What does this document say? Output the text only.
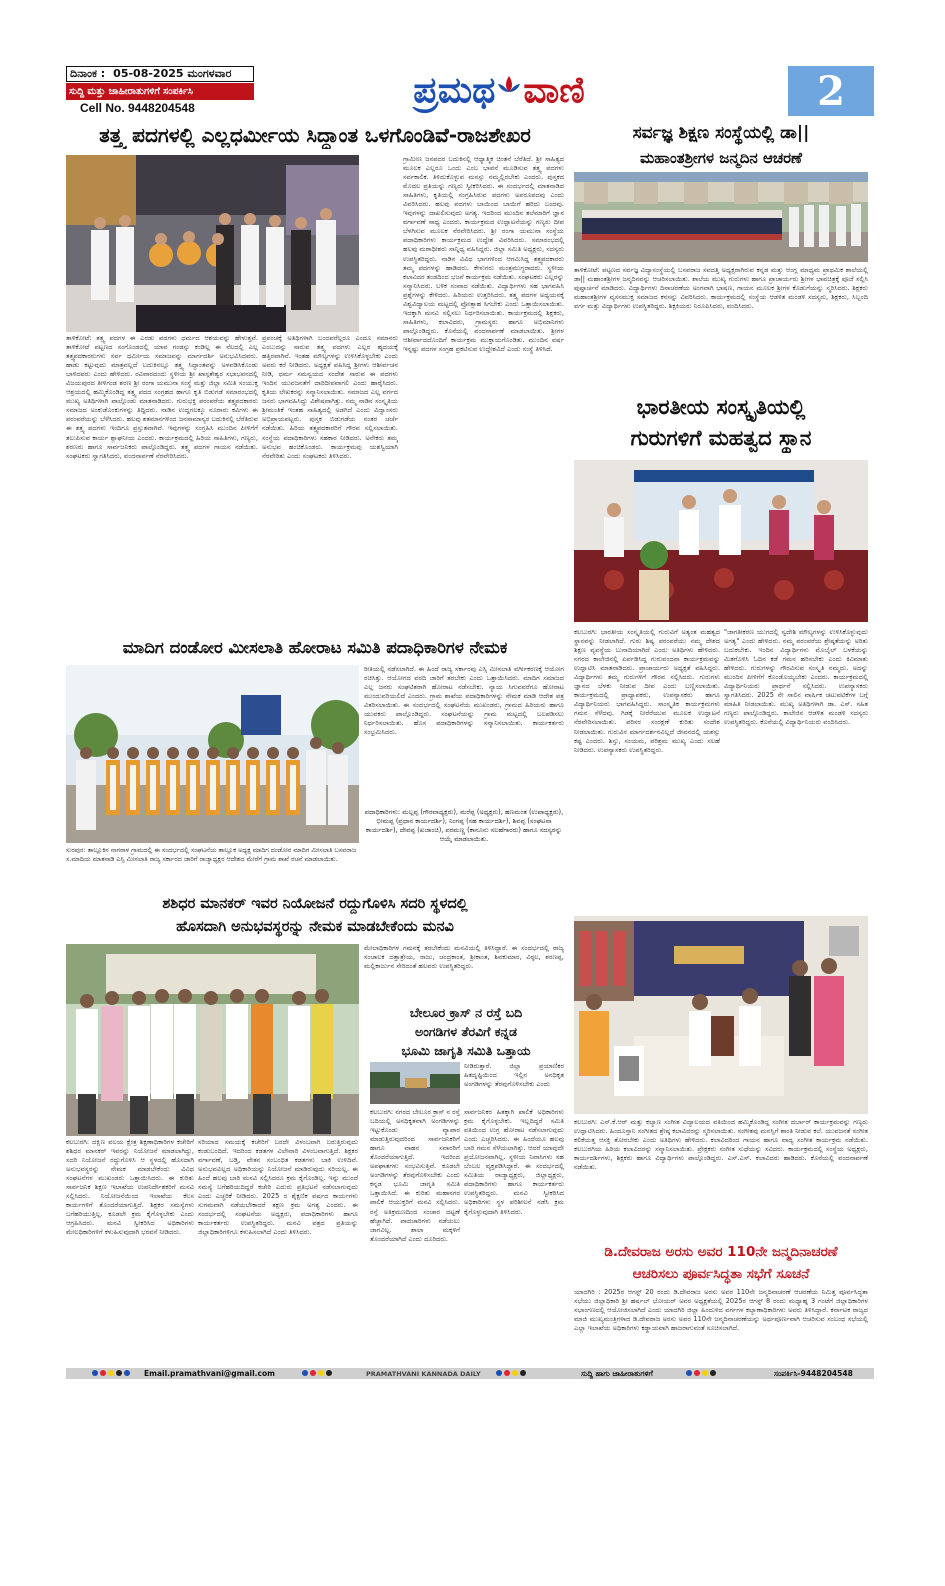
ದಿನಾಂಕ : 05-08-2025 ಮಂಗಳವಾರ
ಸುದ್ದಿ ಮತ್ತು ಜಾಹೀರಾತುಗಳಿಗೆ ಸಂಪರ್ಕಿಸಿ
Cell No. 9448204548	ಪ್ರಮಥ ವಾಣಿ	2
ತತ್ತ್ವ ಪದಗಳಲ್ಲಿ ಎಲ್ಲಧರ್ಮೀಯ ಸಿದ್ಧಾಂತ ಒಳಗೊಂಡಿವೆ-ರಾಜಶೇಖರ
ತಾಳಿಕೋಟೆ: ತತ್ತ್ವ ಪದಗಳ ಈ ಎರಡು ಪದಗಳು ಧರ್ಮದ ಆಶಯವನ್ನು ಹೇಳುತ್ತವೆ. ತಾಳಿಕೋಟೆ ಪಟ್ಟಣದ ಸಂಗೊಂಡದಲ್ಲಿ ಯಾವ ಗಂಡಸ್ಸು ಕಂಡಿಲ್ಲ ಈ ನೆಲದಲ್ಲಿ ಎಲ್ಲ ತತ್ತ್ವಪದಕಾರರುಗಳು ಸರ್ವ ಧರ್ಮೀಯ ಸಮಾಜವನ್ನು ಮಾರ್ಗದರ್ಶಿ ಅನುಭವಿಸಿದವರು. ಹಾಡು ಕಟ್ಟುವುದು ಮಾತ್ರವಲ್ಲದೆ ಬದುಕಿನಲ್ಲೂ ತತ್ತ್ವ ಸಿದ್ಧಾಂತವನ್ನು ಅಳವಡಿಸಿಕೊಂಡು ಬಾಳಿದವರು ಎಂದು ಹೇಳಿದರು. ರವಿವಾರದಂದು ಸ್ಥಳೀಯ ಶ್ರೀ ಖಾಸ್ಗತೇಶ್ವರ ಸಭಾಭವನದಲ್ಲಿ ವಿಜಯಪುರದ ತೀಳಿಗಂಡ ಶರಣ ಶ್ರೀ ರಂಗಾ ಯಮುನಾ ಸಂಸ್ಥೆ ಮತ್ತು ಜಿಲ್ಲಾ ಸಮಿತಿ ಸಂಯುಕ್ತ ಆಶ್ರಯದಲ್ಲಿ ಹಮ್ಮಿಕೊಂಡಿದ್ದ ತತ್ತ್ವ ಪದದ ಸಂಗ್ರಹದ ಹಾಗೂ ಕೃತಿ ಬಿಡುಗಡೆ ಸಮಾರಂಭದಲ್ಲಿ ಮುಖ್ಯ ಅತಿಥಿಗಳಾಗಿ ಪಾಲ್ಗೊಂಡು ಮಾತನಾಡಿದರು. ಗುರುಭಕ್ತಿ ಪರಂಪರೆಯ ತತ್ತ್ವಪದಕಾರರು ಸಮಾಜದ ಅಂಕುಡೊಂಕುಗಳನ್ನು ತಿದ್ದಿದರು. ನಾಡಿನ ಉದ್ದಗಲಕ್ಕೂ ನೂರಾರು ಕವಿಗಳು ಈ ಪರಂಪರೆಯನ್ನು ಬೆಳೆಸಿದರು. ಹಲವು ಶತಮಾನಗಳಿಂದ ಜನಸಾಮಾನ್ಯರ ಬದುಕಿನಲ್ಲಿ ಬೆರೆತಿರುವ ಈ ತತ್ತ್ವ ಪದಗಳು ಇಂದಿಗೂ ಪ್ರಸ್ತುತವಾಗಿವೆ. ಇವುಗಳನ್ನು ಸಂಗ್ರಹಿಸಿ ಮುಂದಿನ ಪೀಳಿಗೆಗೆ ತಲುಪಿಸುವ ಕಾರ್ಯ ಶ್ಲಾಘನೀಯ ಎಂದರು. ಕಾರ್ಯಕ್ರಮದಲ್ಲಿ ಹಿರಿಯ ಸಾಹಿತಿಗಳು, ಗಣ್ಯರು, ಶರಣರು ಹಾಗೂ ಸಾರ್ವಜನಿಕರು ಪಾಲ್ಗೊಂಡಿದ್ದರು. ತತ್ತ್ವ ಪದಗಳ ಗಾಯನ ನಡೆಯಿತು. ಸಂಘಟಕರು ಸ್ವಾಗತಿಸಿದರು, ವಂದನಾರ್ಪಣೆ ನೆರವೇರಿಸಿದರು.
ಪ್ರಪಂಚಕ್ಕೆ ಅತಿಥಿಗಳಾಗಿ ಬಂದವರೆಲ್ಲರೂ ಎಂದೂ ಸಮಾನರು ಎಂಬುದನ್ನು ಸಾರುವ ತತ್ತ್ವ ಪದಗಳು ಎಲ್ಲರ ಹೃದಯಕ್ಕೆ ಹತ್ತಿರವಾಗಿವೆ. ಇಂತಹ ಮೌಲ್ಯಗಳನ್ನು ಉಳಿಸಿಕೊಳ್ಳಬೇಕು ಎಂದು ಅವರು ಕರೆ ನೀಡಿದರು. ಅಧ್ಯಕ್ಷತೆ ವಹಿಸಿದ್ದ ಶ್ರೀಗಳು ಆಶೀರ್ವಚನ ನೀಡಿ, ಧರ್ಮ ಸಮನ್ವಯದ ಸಂದೇಶ ಸಾರುವ ಈ ಪದಗಳು ಇಂದಿನ ಯುವಜನತೆಗೆ ದಾರಿದೀಪವಾಗಲಿ ಎಂದು ಹಾರೈಸಿದರು. ಕೃತಿಯ ಲೇಖಕರನ್ನು ಸನ್ಮಾನಿಸಲಾಯಿತು. ಸಮಾಜದ ಎಲ್ಲ ವರ್ಗದ ಜನರು ಭಾಗವಹಿಸಿದ್ದು ವಿಶೇಷವಾಗಿತ್ತು. ನಮ್ಮ ನಾಡಿನ ಸಂಸ್ಕೃತಿಯ ಶ್ರೀಮಂತಿಕೆ ಇಂತಹ ಸಾಹಿತ್ಯದಲ್ಲಿ ಅಡಗಿದೆ ಎಂದು ವಿದ್ವಾಂಸರು ಅಭಿಪ್ರಾಯಪಟ್ಟರು. ಪುಸ್ತಕ ಬಿಡುಗಡೆಯ ನಂತರ ಚರ್ಚೆ ನಡೆಯಿತು. ಹಿರಿಯ ತತ್ತ್ವಪದಕಾರರಿಗೆ ಗೌರವ ಸಲ್ಲಿಸಲಾಯಿತು. ಸಂಸ್ಥೆಯ ಪದಾಧಿಕಾರಿಗಳು ಸಹಕಾರ ನೀಡಿದರು. ಅನೇಕರು ತಮ್ಮ ಅನುಭವ ಹಂಚಿಕೊಂಡರು. ಕಾರ್ಯಕ್ರಮವು ಯಶಸ್ವಿಯಾಗಿ ನೆರವೇರಿತು ಎಂದು ಸಂಘಟಕರು ತಿಳಿಸಿದರು.
ಗ್ರಾಮೀಣ ಜನಪದರ ಬದುಕಿನಲ್ಲಿ ಆಧ್ಯಾತ್ಮಿಕ ಚಿಂತನೆ ಬೆರೆತಿದೆ. ಶ್ರೀ ಸಾಹಿತ್ಯದ ಮೂಲಕ ಎಲ್ಲರೂ ಒಂದು ಎಂಬ ಭಾವನೆ ಮೂಡಿಸುವ ತತ್ತ್ವ ಪದಗಳು ಸರ್ವಕಾಲಿಕ. ತಿಳಿದುಕೊಳ್ಳುವ ಮನಸ್ಸು ನಮ್ಮಲ್ಲಿರಬೇಕು ಎಂದರು. ಪುಸ್ತಕದ ಮೊದಲ ಪ್ರತಿಯನ್ನು ಗಣ್ಯರು ಸ್ವೀಕರಿಸಿದರು. ಈ ಸಂದರ್ಭದಲ್ಲಿ ಮಾತನಾಡಿದ ಸಾಹಿತಿಗಳು, ಕೃತಿಯಲ್ಲಿ ಸಂಗ್ರಹಿಸಿರುವ ಪದಗಳು ಅಪರೂಪದವು ಎಂದು ವಿವರಿಸಿದರು. ಹಲವು ಪದಗಳು ಬಾಯಿಂದ ಬಾಯಿಗೆ ಹರಿದು ಬಂದವು. ಇವುಗಳನ್ನು ದಾಖಲಿಸುವುದು ಅಗತ್ಯ. ಇದರಿಂದ ಮುಂದಿನ ತಲೆಮಾರಿಗೆ ಜ್ಞಾನ ವರ್ಗಾವಣೆ ಸಾಧ್ಯ ಎಂದರು. ಕಾರ್ಯಕ್ರಮದ ಉದ್ಘಾಟನೆಯನ್ನು ಗಣ್ಯರು ದೀಪ ಬೆಳಗಿಸುವ ಮೂಲಕ ನೆರವೇರಿಸಿದರು. ಶ್ರೀ ರಂಗಾ ಯಮುನಾ ಸಂಸ್ಥೆಯ ಪದಾಧಿಕಾರಿಗಳು ಕಾರ್ಯಕ್ರಮದ ಉದ್ದೇಶ ವಿವರಿಸಿದರು. ಸಮಾರಂಭದಲ್ಲಿ ಹಲವು ಮಠಾಧೀಶರು ಸಾನ್ನಿಧ್ಯ ವಹಿಸಿದ್ದರು. ಜಿಲ್ಲಾ ಸಮಿತಿ ಅಧ್ಯಕ್ಷರು, ಸದಸ್ಯರು ಉಪಸ್ಥಿತರಿದ್ದರು. ನಾಡಿನ ವಿವಿಧ ಭಾಗಗಳಿಂದ ಆಗಮಿಸಿದ್ದ ತತ್ತ್ವಪದಕಾರರು ತಮ್ಮ ಪದಗಳನ್ನು ಹಾಡಿದರು. ಕೇಳುಗರು ಮಂತ್ರಮುಗ್ಧರಾದರು. ಸ್ಥಳೀಯ ಕಲಾವಿದರ ತಂಡದಿಂದ ಭಜನೆ ಕಾರ್ಯಕ್ರಮ ನಡೆಯಿತು. ಸಂಘಟಕರು ಎಲ್ಲರನ್ನು ಸನ್ಮಾನಿಸಿದರು. ಬಳಿಕ ಸಂವಾದ ನಡೆಯಿತು. ವಿದ್ಯಾರ್ಥಿಗಳು ಸಹ ಭಾಗವಹಿಸಿ ಪ್ರಶ್ನೆಗಳನ್ನು ಕೇಳಿದರು. ಹಿರಿಯರು ಉತ್ತರಿಸಿದರು. ತತ್ತ್ವ ಪದಗಳ ಅಧ್ಯಯನಕ್ಕೆ ವಿಶ್ವವಿದ್ಯಾಲಯ ಮಟ್ಟದಲ್ಲಿ ಪ್ರೋತ್ಸಾಹ ಸಿಗಬೇಕು ಎಂದು ಒತ್ತಾಯಿಸಲಾಯಿತು. ಇದಕ್ಕಾಗಿ ಮನವಿ ಸಲ್ಲಿಸಲು ನಿರ್ಧರಿಸಲಾಯಿತು. ಕಾರ್ಯಕ್ರಮದಲ್ಲಿ ಶಿಕ್ಷಕರು, ಸಾಹಿತಿಗಳು, ಕಲಾವಿದರು, ಗ್ರಾಮಸ್ಥರು ಹಾಗೂ ಅಭಿಮಾನಿಗಳು ಪಾಲ್ಗೊಂಡಿದ್ದರು. ಕೊನೆಯಲ್ಲಿ ವಂದನಾರ್ಪಣೆ ಮಾಡಲಾಯಿತು. ಶ್ರೀಗಳ ಆಶೀರ್ವಾದದೊಂದಿಗೆ ಕಾರ್ಯಕ್ರಮ ಮುಕ್ತಾಯಗೊಂಡಿತು. ಮುಂದಿನ ವರ್ಷ ಇನ್ನಷ್ಟು ಪದಗಳ ಸಂಗ್ರಹ ಪ್ರಕಟಿಸುವ ಉದ್ದೇಶವಿದೆ ಎಂದು ಸಂಸ್ಥೆ ತಿಳಿಸಿದೆ.
ಸರ್ವಜ್ಞ ಶಿಕ್ಷಣ ಸಂಸ್ಥೆಯಲ್ಲಿ ಡಾ||
ಮಹಾಂತಶ್ರೀಗಳ ಜನ್ಮದಿನ ಆಚರಣೆ
ತಾಳಿಕೋಟೆ: ಪಟ್ಟಣದ ಸರ್ವಜ್ಞ ವಿದ್ಯಾಸಂಸ್ಥೆಯಲ್ಲಿ ಬಸವರಾಜ ಸವದತ್ತಿ ಅಧ್ಯಕ್ಷರಾಗಿರುವ ಕನ್ನಡ ಮತ್ತು ಆಂಗ್ಲ ಮಾಧ್ಯಮ ಪ್ರಾಥಮಿಕ ಶಾಲೆಯಲ್ಲಿ ಡಾ|| ಮಹಾಂತಶ್ರೀಗಳ ಜನ್ಮದಿನವನ್ನು ಆಚರಿಸಲಾಯಿತು. ಶಾಲೆಯ ಮುಖ್ಯ ಗುರುಗಳು ಹಾಗೂ ಪ್ರಾಚಾರ್ಯರು ಶ್ರೀಗಳ ಭಾವಚಿತ್ರಕ್ಕೆ ಪೂಜೆ ಸಲ್ಲಿಸಿ ಪುಷ್ಪಾರ್ಚನೆ ಮಾಡಿದರು. ವಿದ್ಯಾರ್ಥಿಗಳು ದಿನಾಚರಣೆಯ ಅಂಗವಾಗಿ ಭಾಷಣ, ಗಾಯನ ಮೂಲಕ ಶ್ರೀಗಳ ಕೊಡುಗೆಯನ್ನು ಸ್ಮರಿಸಿದರು. ಶಿಕ್ಷಕರು ಮಹಾಂತಶ್ರೀಗಳ ವ್ಯಸನಮುಕ್ತ ಸಮಾಜದ ಕನಸನ್ನು ವಿವರಿಸಿದರು. ಕಾರ್ಯಕ್ರಮದಲ್ಲಿ ಸಂಸ್ಥೆಯ ಆಡಳಿತ ಮಂಡಳಿ ಸದಸ್ಯರು, ಶಿಕ್ಷಕರು, ಸಿಬ್ಬಂದಿ ವರ್ಗ ಮತ್ತು ವಿದ್ಯಾರ್ಥಿಗಳು ಉಪಸ್ಥಿತರಿದ್ದರು. ಶಿಕ್ಷಕಿಯರು ನಿರೂಪಿಸಿದರು, ವಂದಿಸಿದರು.
ಭಾರತೀಯ ಸಂಸ್ಕೃತಿಯಲ್ಲಿ
ಗುರುಗಳಿಗೆ ಮಹತ್ವದ ಸ್ಥಾನ
ಕಲಬುರಗಿ: ಭಾರತೀಯ ಸಂಸ್ಕೃತಿಯಲ್ಲಿ ಗುರುವಿಗೆ ಅತ್ಯಂತ ಮಹತ್ವದ ಸ್ಥಾನವನ್ನು ನೀಡಲಾಗಿದೆ. ಗುರು ಶಿಷ್ಯ ಪರಂಪರೆಯು ನಮ್ಮ ದೇಶದ ಶಿಕ್ಷಣ ವ್ಯವಸ್ಥೆಯ ಬುನಾದಿಯಾಗಿದೆ ಎಂದು ಅತಿಥಿಗಳು ಹೇಳಿದರು. ನಗರದ ಕಾಲೇಜಿನಲ್ಲಿ ಏರ್ಪಡಿಸಿದ್ದ ಗುರುವಂದನಾ ಕಾರ್ಯಕ್ರಮವನ್ನು ಉದ್ಘಾಟಿಸಿ ಮಾತನಾಡಿದರು. ಪ್ರಾಚಾರ್ಯರು ಅಧ್ಯಕ್ಷತೆ ವಹಿಸಿದ್ದರು. ವಿದ್ಯಾರ್ಥಿಗಳು ತಮ್ಮ ಗುರುಗಳಿಗೆ ಗೌರವ ಸಲ್ಲಿಸಿದರು. ಗುರುಗಳು ಜ್ಞಾನದ ಬೆಳಕು ನೀಡುವ ದೀಪ ಎಂದು ಬಣ್ಣಿಸಲಾಯಿತು. ಕಾರ್ಯಕ್ರಮದಲ್ಲಿ ಪ್ರಾಧ್ಯಾಪಕರು, ಉಪನ್ಯಾಸಕರು ಹಾಗೂ ವಿದ್ಯಾರ್ಥಿನಿಯರು ಭಾಗವಹಿಸಿದ್ದರು. ಸಾಂಸ್ಕೃತಿಕ ಕಾರ್ಯಕ್ರಮಗಳು ಗಮನ ಸೆಳೆದವು. ಗಿಡಕ್ಕೆ ನೀರೆರೆಯುವ ಮೂಲಕ ಉದ್ಘಾಟನೆ ನೆರವೇರಿಸಲಾಯಿತು. ಪರಿಸರ ಸಂರಕ್ಷಣೆ ಕುರಿತು ಸಂದೇಶ ನೀಡಲಾಯಿತು. ಗುರುವಿನ ಮಾರ್ಗದರ್ಶನವಿಲ್ಲದೆ ಜೀವನದಲ್ಲಿ ಯಶಸ್ಸು ಕಷ್ಟ ಎಂದರು. ಶಿಸ್ತು, ಸಂಯಮ, ಪರಿಶ್ರಮ ಮುಖ್ಯ ಎಂದು ಸಲಹೆ ನೀಡಿದರು. ಉಪನ್ಯಾಸಕರು ಉಪಸ್ಥಿತರಿದ್ದರು.
"ಜಾಗತೀಕರಣ ಯುಗದಲ್ಲಿ ಸ್ವದೇಶಿ ಮೌಲ್ಯಗಳನ್ನು ಉಳಿಸಿಕೊಳ್ಳುವುದು ಅಗತ್ಯ" ಎಂದು ಹೇಳಿದರು. ನಮ್ಮ ಪರಂಪರೆಯ ಶ್ರೇಷ್ಠತೆಯನ್ನು ಅರಿತು ಬದುಕಬೇಕು. ಇಂದಿನ ವಿದ್ಯಾರ್ಥಿಗಳು ಮೊಬೈಲ್ ಬಳಕೆಯನ್ನು ಮಿತಗೊಳಿಸಿ ಓದಿನ ಕಡೆ ಗಮನ ಹರಿಸಬೇಕು ಎಂದು ಕಿವಿಮಾತು ಹೇಳಿದರು. ಗುರುಗಳನ್ನು ಗೌರವಿಸುವ ಸಂಸ್ಕೃತಿ ನಮ್ಮದು. ಅದನ್ನು ಮುಂದಿನ ಪೀಳಿಗೆಗೆ ಕೊಂಡೊಯ್ಯಬೇಕು ಎಂದರು. ಕಾರ್ಯಕ್ರಮದಲ್ಲಿ ವಿದ್ಯಾರ್ಥಿನಿಯರು ಪ್ರಾರ್ಥನೆ ಸಲ್ಲಿಸಿದರು. ಉಪನ್ಯಾಸಕರು ಸ್ವಾಗತಿಸಿದರು. 2025 ನೇ ಸಾಲಿನ ವಾರ್ಷಿಕ ಚಟುವಟಿಕೆಗಳ ಬಗ್ಗೆ ಮಾಹಿತಿ ನೀಡಲಾಯಿತು. ಮುಖ್ಯ ಅತಿಥಿಗಳಾಗಿ ಡಾ. ಎಸ್. ಸಹಿತ ಗಣ್ಯರು ಪಾಲ್ಗೊಂಡಿದ್ದರು. ಕಾಲೇಜಿನ ಆಡಳಿತ ಮಂಡಳಿ ಸದಸ್ಯರು ಉಪಸ್ಥಿತರಿದ್ದರು. ಕೊನೆಯಲ್ಲಿ ವಿದ್ಯಾರ್ಥಿನಿಯರು ವಂದಿಸಿದರು.
ಮಾದಿಗ ದಂಡೋರ ಮೀಸಲಾತಿ ಹೋರಾಟ ಸಮಿತಿ ಪದಾಧಿಕಾರಿಗಳ ನೇಮಕ
ರೀತಿಯಲ್ಲಿ ನಡೆಸಲಾಗಿದೆ. ಈ ಹಿಂದೆ ರಾಜ್ಯ ಸರ್ಕಾರವು ಎಸ್ಸಿ ಮೀಸಲಾತಿ ವರ್ಗೀಕರಣಕ್ಕೆ ಆಯೋಗ ರಚಿಸಿತ್ತು. ಆಯೋಗದ ವರದಿ ಜಾರಿಗೆ ತರಬೇಕು ಎಂದು ಒತ್ತಾಯಿಸಿದರು. ಮಾದಿಗ ಸಮಾಜದ ಎಲ್ಲ ಜನರು ಸಂಘಟಿತರಾಗಿ ಹೋರಾಟ ನಡೆಸಬೇಕು. ನ್ಯಾಯ ಸಿಗುವವರೆಗೂ ಹೋರಾಟ ಮುಂದುವರಿಯಲಿದೆ ಎಂದರು. ಗ್ರಾಮ ಶಾಖೆಯ ಪದಾಧಿಕಾರಿಗಳನ್ನು ನೇಮಕ ಮಾಡಿ ಆದೇಶ ಪತ್ರ ವಿತರಿಸಲಾಯಿತು. ಈ ಸಂದರ್ಭದಲ್ಲಿ ಸಂಘಟನೆಯ ಮುಖಂಡರು, ಗ್ರಾಮದ ಹಿರಿಯರು ಹಾಗೂ ಯುವಕರು ಪಾಲ್ಗೊಂಡಿದ್ದರು. ಸಂಘಟನೆಯನ್ನು ಗ್ರಾಮ ಮಟ್ಟದಲ್ಲಿ ಬಲಪಡಿಸಲು ನಿರ್ಧರಿಸಲಾಯಿತು. ಹೊಸ ಪದಾಧಿಕಾರಿಗಳನ್ನು ಸನ್ಮಾನಿಸಲಾಯಿತು. ಕಾರ್ಯಕರ್ತರು ಸಂಭ್ರಮಿಸಿದರು.
ಪದಾಧಿಕಾರಿಗಳು: ಮಲ್ಲಪ್ಪ (ಗೌರವಾಧ್ಯಕ್ಷರು), ಮರೆಪ್ಪ (ಅಧ್ಯಕ್ಷರು), ಹಣಮಂತ (ಉಪಾಧ್ಯಕ್ಷರು), ಭೀಮಪ್ಪ (ಪ್ರಧಾನ ಕಾರ್ಯದರ್ಶಿ), ನಿಂಗಪ್ಪ (ಸಹ ಕಾರ್ಯದರ್ಶಿ), ಶಿವಪ್ಪ (ಸಂಘಟನಾ ಕಾರ್ಯದರ್ಶಿ), ದೇವಪ್ಪ (ಖಜಾಂಚಿ), ಪರಮಣ್ಣ (ಕಾನೂನು ಸಲಹೆಗಾರರು) ಹಾಗೂ ಸದಸ್ಯರನ್ನು ಆಯ್ಕೆ ಮಾಡಲಾಯಿತು.
ಸುರಪುರ: ತಾಲ್ಲೂಕಿನ ನಾಗರಾಳ ಗ್ರಾಮದಲ್ಲಿ ಈ ಸಂದರ್ಭದಲ್ಲಿ ಸಂಘಟನೆಯ ತಾಲ್ಲೂಕ ಅಧ್ಯಕ್ಷ ಮಾದಿಗ ದಂಡೋರ ಮಾದಿಗ ಮೀಸಲಾತಿ ಬಸವರಾಜ ಸ.ಮಾದಿಯ ಮಾತನಾಡಿ ಎಸ್ಸಿ ಮೀಸಲಾತಿ ರಾಜ್ಯ ಸರ್ಕಾರದ ಜಾರಿಗೆ ರಾಜ್ಯಾಧ್ಯಕ್ಷರ ಆದೇಶದ ಮೇರೆಗೆ ಗ್ರಾಮ ಶಾಖೆ ರಚನೆ ಮಾಡಲಾಯಿತು.
ಶಶಿಧರ ಮಾನಕರ್ ಇವರ ನಿಯೋಜನೆ ರದ್ದುಗೊಳಿಸಿ ಸದರಿ ಸ್ಥಳದಲ್ಲಿ
ಹೊಸದಾಗಿ ಅನುಭವಸ್ಥರನ್ನು ನೇಮಕ ಮಾಡಬೇಕೆಂದು ಮನವಿ
ಕಲಬುರಗಿ: ದಕ್ಷಿಣ ವಲಯ ಕ್ಷೇತ್ರ ಶಿಕ್ಷಣಾಧಿಕಾರಿಗಳ ಕಚೇರಿಗೆ ಶಶಿಧರ ಮಾನಕರ್ ಇವರನ್ನು ನಿಯೋಜನೆ ಮಾಡಲಾಗಿದ್ದು, ಸದರಿ ನಿಯೋಜನೆ ರದ್ದುಗೊಳಿಸಿ ಆ ಸ್ಥಳದಲ್ಲಿ ಹೊಸದಾಗಿ ಅನುಭವಸ್ಥರನ್ನು ನೇಮಕ ಮಾಡಬೇಕೆಂದು ವಿವಿಧ ಸಂಘಟನೆಗಳ ಮುಖಂಡರು ಒತ್ತಾಯಿಸಿದರು. ಈ ಕುರಿತು ಸಾರ್ವಜನಿಕ ಶಿಕ್ಷಣ ಇಲಾಖೆಯ ಉಪನಿರ್ದೇಶಕರಿಗೆ ಮನವಿ ಸಲ್ಲಿಸಿದರು. ನಿಯೋಜನೆಯಿಂದ ಇಲಾಖೆಯ ಕೆಲಸ ಕಾರ್ಯಗಳಿಗೆ ತೊಂದರೆಯಾಗುತ್ತಿದೆ. ಶಿಕ್ಷಕರ ಸಮಸ್ಯೆಗಳು ಬಗೆಹರಿಯುತ್ತಿಲ್ಲ. ಕೂಡಲೇ ಕ್ರಮ ಕೈಗೊಳ್ಳಬೇಕು ಎಂದು ಆಗ್ರಹಿಸಿದರು. ಮನವಿ ಸ್ವೀಕರಿಸಿದ ಅಧಿಕಾರಿಗಳು ಮೇಲಧಿಕಾರಿಗಳಿಗೆ ಕಳುಹಿಸುವುದಾಗಿ ಭರವಸೆ ನೀಡಿದರು.
ಸರಿಯಾದ ಸಮಯಕ್ಕೆ ಕಚೇರಿಗೆ ಬರದೇ ವಿಳಂಬವಾಗಿ ಬರುತ್ತಿರುವುದು ಕಂಡುಬಂದಿದೆ. ಇದರಿಂದ ಕಡತಗಳ ವಿಲೇವಾರಿ ವಿಳಂಬವಾಗುತ್ತಿದೆ. ಶಿಕ್ಷಕರ ವರ್ಗಾವಣೆ, ಬಡ್ತಿ, ವೇತನ ಸಂಬಂಧಿತ ಕಡತಗಳು ಬಾಕಿ ಉಳಿದಿವೆ. ಅನುಭವವಿಲ್ಲದ ಅಧಿಕಾರಿಯನ್ನು ನಿಯೋಜನೆ ಮಾಡಿರುವುದು ಸರಿಯಲ್ಲ. ಈ ಹಿಂದೆ ಹಲವು ಬಾರಿ ಮನವಿ ಸಲ್ಲಿಸಿದರೂ ಕ್ರಮ ಕೈಗೊಂಡಿಲ್ಲ. ಇನ್ನು ಮುಂದೆ ಸಮಸ್ಯೆ ಬಗೆಹರಿಯದಿದ್ದರೆ ಕಚೇರಿ ಎದುರು ಪ್ರತಿಭಟನೆ ನಡೆಸಲಾಗುವುದು ಎಂದು ಎಚ್ಚರಿಕೆ ನೀಡಿದರು. 2025 ರ ಶೈಕ್ಷಣಿಕ ವರ್ಷದ ಕಾರ್ಯಗಳು ಸುಗಮವಾಗಿ ನಡೆಯಬೇಕಾದರೆ ತಕ್ಷಣ ಕ್ರಮ ಅಗತ್ಯ ಎಂದರು. ಈ ಸಂದರ್ಭದಲ್ಲಿ ಸಂಘಟನೆಯ ಅಧ್ಯಕ್ಷರು, ಪದಾಧಿಕಾರಿಗಳು ಹಾಗೂ ಕಾರ್ಯಕರ್ತರು ಉಪಸ್ಥಿತರಿದ್ದರು. ಮನವಿ ಪತ್ರದ ಪ್ರತಿಯನ್ನು ಜಿಲ್ಲಾಧಿಕಾರಿಗಳಿಗೂ ಕಳುಹಿಸಲಾಗಿದೆ ಎಂದು ತಿಳಿಸಿದರು.
ಮೇಲಾಧಿಕಾರಿಗಳ ಗಮನಕ್ಕೆ ತರಬೇಕೆಂದು ಮನವಿಯಲ್ಲಿ ತಿಳಿಸಿದ್ದಾರೆ. ಈ ಸಂದರ್ಭದಲ್ಲಿ ರಾಜ್ಯ ಸಂಚಾಲಕ ದತ್ತಾತ್ರೇಯ, ರಾಜು, ಚಂದ್ರಕಾಂತ, ಶ್ರೀಕಾಂತ, ಶಿವಕುಮಾರ, ವಿಠ್ಠಲ, ಶರಣಪ್ಪ, ಮಲ್ಲಿಕಾರ್ಜುನ ಸೇರಿದಂತೆ ಹಲವರು ಉಪಸ್ಥಿತರಿದ್ದರು.
ಬೇಲೂರ ಕ್ರಾಸ್ ನ ರಸ್ತೆ ಬದಿ
ಅಂಗಡಿಗಳ ತೆರವಿಗೆ ಕನ್ನಡ
ಭೂಮಿ ಜಾಗೃತಿ ಸಮಿತಿ ಒತ್ತಾಯ
ನೀಡಿರುತ್ತಾರೆ. ಜಿಲ್ಲಾ ಪ್ರಯಾಣಿಕರ ಹಿತದೃಷ್ಟಿಯಿಂದ ಇಲ್ಲಿನ ಅನಧಿಕೃತ ಅಂಗಡಿಗಳನ್ನು ತೆರವುಗೊಳಿಸಬೇಕು ಎಂದು
ಕಲಬುರಗಿ: ನಗರದ ಬೇಲೂರ ಕ್ರಾಸ್ ನ ರಸ್ತೆ ಬದಿಯಲ್ಲಿ ಅನಧಿಕೃತವಾಗಿ ಅಂಗಡಿಗಳನ್ನು ಇಟ್ಟುಕೊಂಡು ವ್ಯಾಪಾರ ಮಾಡುತ್ತಿರುವುದರಿಂದ ಸಾರ್ವಜನಿಕರಿಗೆ ಹಾಗೂ ವಾಹನ ಸವಾರರಿಗೆ ತೊಂದರೆಯಾಗುತ್ತಿದೆ. ಇದರಿಂದ ಅಪಘಾತಗಳು ಸಂಭವಿಸುತ್ತಿವೆ. ಕೂಡಲೇ ಅಂಗಡಿಗಳನ್ನು ತೆರವುಗೊಳಿಸಬೇಕು ಎಂದು ಕನ್ನಡ ಭೂಮಿ ಜಾಗೃತಿ ಸಮಿತಿ ಒತ್ತಾಯಿಸಿದೆ. ಈ ಕುರಿತು ಮಹಾನಗರ ಪಾಲಿಕೆ ಆಯುಕ್ತರಿಗೆ ಮನವಿ ಸಲ್ಲಿಸಿದರು. ರಸ್ತೆ ಅತಿಕ್ರಮಣದಿಂದ ಸಂಚಾರ ದಟ್ಟಣೆ ಹೆಚ್ಚಾಗಿದೆ. ಪಾದಚಾರಿಗಳು ನಡೆಯಲು ಜಾಗವಿಲ್ಲ. ಶಾಲಾ ಮಕ್ಕಳಿಗೆ ತೊಂದರೆಯಾಗಿದೆ ಎಂದು ದೂರಿದರು.
ಸಾರ್ವಜನಿಕರ ಹಿತಕ್ಕಾಗಿ ಪಾಲಿಕೆ ಅಧಿಕಾರಿಗಳು ಕ್ರಮ ಕೈಗೊಳ್ಳಬೇಕು. ಇಲ್ಲದಿದ್ದರೆ ಸಮಿತಿ ವತಿಯಿಂದ ಉಗ್ರ ಹೋರಾಟ ನಡೆಸಲಾಗುವುದು ಎಂದು ಎಚ್ಚರಿಸಿದರು. ಈ ಹಿಂದೆಯೂ ಹಲವು ಬಾರಿ ಗಮನ ಸೆಳೆಯಲಾಗಿತ್ತು. ಆದರೆ ಯಾವುದೇ ಪ್ರಯೋಜನವಾಗಿಲ್ಲ. ಸ್ಥಳೀಯ ನಿವಾಸಿಗಳು ಸಹ ಬೆಂಬಲ ವ್ಯಕ್ತಪಡಿಸಿದ್ದಾರೆ. ಈ ಸಂದರ್ಭದಲ್ಲಿ ಸಮಿತಿಯ ರಾಜ್ಯಾಧ್ಯಕ್ಷರು, ಜಿಲ್ಲಾಧ್ಯಕ್ಷರು, ಪದಾಧಿಕಾರಿಗಳು ಹಾಗೂ ಕಾರ್ಯಕರ್ತರು ಉಪಸ್ಥಿತರಿದ್ದರು. ಮನವಿ ಸ್ವೀಕರಿಸಿದ ಅಧಿಕಾರಿಗಳು ಸ್ಥಳ ಪರಿಶೀಲನೆ ನಡೆಸಿ ಕ್ರಮ ಕೈಗೊಳ್ಳುವುದಾಗಿ ತಿಳಿಸಿದರು.
ಕಲಬುರಗಿ: ಎಸ್.ಕೆ.ಆರ್ ಮತ್ತು ಕಲ್ಯಾಣ ಸಂಗೀತ ವಿದ್ಯಾಲಯದ ವತಿಯಿಂದ ಹಮ್ಮಿಕೊಂಡಿದ್ದ ಸಂಗೀತ ದರ್ಬಾರ್ ಕಾರ್ಯಕ್ರಮವನ್ನು ಗಣ್ಯರು ಉದ್ಘಾಟಿಸಿದರು. ಹಿಂದೂಸ್ತಾನಿ ಸಂಗೀತದ ಶ್ರೇಷ್ಠ ಕಲಾವಿದರನ್ನು ಸ್ಮರಿಸಲಾಯಿತು. ಸಂಗೀತವು ಮನಸ್ಸಿಗೆ ಶಾಂತಿ ನೀಡುವ ಕಲೆ. ಯುವಜನತೆ ಸಂಗೀತ ಕಲಿಕೆಯತ್ತ ಆಸಕ್ತಿ ತೋರಬೇಕು ಎಂದು ಅತಿಥಿಗಳು ಹೇಳಿದರು. ಕಲಾವಿದರಿಂದ ಗಾಯನ ಹಾಗೂ ವಾದ್ಯ ಸಂಗೀತ ಕಾರ್ಯಕ್ರಮ ನಡೆಯಿತು. ಕಲಬುರಗಿಯ ಹಿರಿಯ ಕಲಾವಿದರನ್ನು ಸನ್ಮಾನಿಸಲಾಯಿತು. ಪ್ರೇಕ್ಷಕರು ಸಂಗೀತ ಸುಧೆಯನ್ನು ಸವಿದರು. ಕಾರ್ಯಕ್ರಮದಲ್ಲಿ ಸಂಸ್ಥೆಯ ಅಧ್ಯಕ್ಷರು, ಕಾರ್ಯದರ್ಶಿಗಳು, ಶಿಕ್ಷಕರು ಹಾಗೂ ವಿದ್ಯಾರ್ಥಿಗಳು ಪಾಲ್ಗೊಂಡಿದ್ದರು. ಎಸ್.ಎಸ್. ಕಲಾವಿದರು ಹಾಡಿದರು. ಕೊನೆಯಲ್ಲಿ ವಂದನಾರ್ಪಣೆ ನಡೆಯಿತು.
ಡಿ.ದೇವರಾಜ ಅರಸು ಅವರ 110ನೇ ಜನ್ಮದಿನಾಚರಣೆ
ಆಚರಿಸಲು ಪೂರ್ವಸಿದ್ಧತಾ ಸಭೆಗೆ ಸೂಚನೆ
ಯಾದಗಿರಿ : 2025ರ ಆಗಸ್ಟ್ 20 ರಂದು ಡಿ.ದೇವರಾಜ ಅರಸು ಅವರ 110ನೇ ಜನ್ಮದಿನಾಚರಣೆ ಆಚರಣೆಯ ನಿಮಿತ್ತ ಪೂರ್ವಸಿದ್ಧತಾ ಸಭೆಯು ಜಿಲ್ಲಾಧಿಕಾರಿ ಶ್ರೀ ಹರ್ಷಲ್ ಭೋಯರ್ ಅವರ ಅಧ್ಯಕ್ಷತೆಯಲ್ಲಿ 2025ರ ಆಗಸ್ಟ್ 8 ರಂದು ಮಧ್ಯಾಹ್ನ 3 ಗಂಟೆಗೆ ಜಿಲ್ಲಾಧಿಕಾರಿಗಳ ಸಭಾಂಗಣದಲ್ಲಿ ಆಯೋಜಿಸಲಾಗಿದೆ ಎಂದು ಯಾದಗಿರಿ ಜಿಲ್ಲಾ ಹಿಂದುಳಿದ ವರ್ಗಗಳ ಕಲ್ಯಾಣಾಧಿಕಾರಿಗಳು ಅವರು ತಿಳಿಸಿದ್ದಾರೆ. ಕರ್ನಾಟಕ ರಾಜ್ಯದ ಮಾಜಿ ಮುಖ್ಯಮಂತ್ರಿಗಳಾದ ಡಿ.ದೇವರಾಜ ಅರಸು ಅವರ 110ನೇ ಜನ್ಮದಿನಾಚರಣೆಯನ್ನು ಅರ್ಥಪೂರ್ಣವಾಗಿ ಆಚರಿಸುವ ಸಂಬಂಧ ಸಭೆಯಲ್ಲಿ ಎಲ್ಲಾ ಇಲಾಖೆಯ ಅಧಿಕಾರಿಗಳು ಕಡ್ಡಾಯವಾಗಿ ಹಾಜರಾಗುವಂತೆ ಸೂಚಿಸಲಾಗಿದೆ.
Email.pramathvani@gmail.com	PRAMATHVANI KANNADA DAILY	ಸುದ್ದಿ ಹಾಗು ಜಾಹೀರಾತುಗಳಿಗೆ	ಸಂಪರ್ಕಿಸಿ-9448204548
